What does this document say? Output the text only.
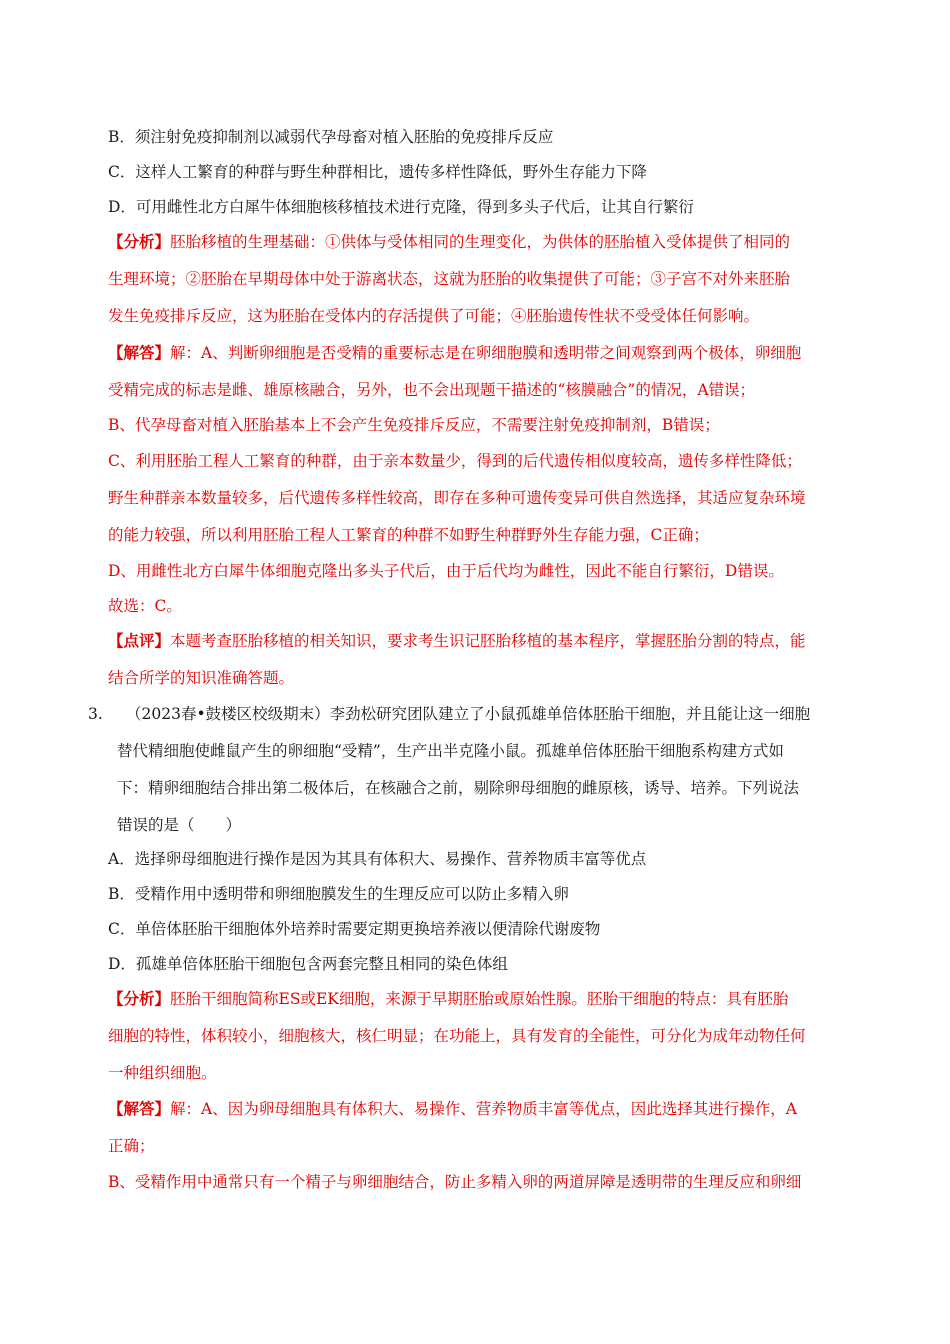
B．须注射免疫抑制剂以减弱代孕母畜对植入胚胎的免疫排斥反应
C．这样人工繁育的种群与野生种群相比，遗传多样性降低，野外生存能力下降
D．可用雌性北方白犀牛体细胞核移植技术进行克隆，得到多头子代后，让其自行繁衍
【分析】胚胎移植的生理基础：①供体与受体相同的生理变化，为供体的胚胎植入受体提供了相同的
生理环境；②胚胎在早期母体中处于游离状态，这就为胚胎的收集提供了可能；③子宫不对外来胚胎
发生免疫排斥反应，这为胚胎在受体内的存活提供了可能；④胚胎遗传性状不受受体任何影响。
【解答】解：A、判断卵细胞是否受精的重要标志是在卵细胞膜和透明带之间观察到两个极体，卵细胞
受精完成的标志是雌、雄原核融合，另外，也不会出现题干描述的“核膜融合”的情况，A错误；
B、代孕母畜对植入胚胎基本上不会产生免疫排斥反应，不需要注射免疫抑制剂，B错误；
C、利用胚胎工程人工繁育的种群，由于亲本数量少，得到的后代遗传相似度较高，遗传多样性降低；
野生种群亲本数量较多，后代遗传多样性较高，即存在多种可遗传变异可供自然选择，其适应复杂环境
的能力较强，所以利用胚胎工程人工繁育的种群不如野生种群野外生存能力强，C正确；
D、用雌性北方白犀牛体细胞克隆出多头子代后，由于后代均为雌性，因此不能自行繁衍，D错误。
故选：C。
【点评】本题考查胚胎移植的相关知识，要求考生识记胚胎移植的基本程序，掌握胚胎分割的特点，能
结合所学的知识准确答题。
3. （2023春•鼓楼区校级期末）李劲松研究团队建立了小鼠孤雄单倍体胚胎干细胞，并且能让这一细胞
替代精细胞使雌鼠产生的卵细胞“受精”，生产出半克隆小鼠。孤雄单倍体胚胎干细胞系构建方式如
下：精卵细胞结合排出第二极体后，在核融合之前，剔除卵母细胞的雌原核，诱导、培养。下列说法
错误的是（　　）
A．选择卵母细胞进行操作是因为其具有体积大、易操作、营养物质丰富等优点
B．受精作用中透明带和卵细胞膜发生的生理反应可以防止多精入卵
C．单倍体胚胎干细胞体外培养时需要定期更换培养液以便清除代谢废物
D．孤雄单倍体胚胎干细胞包含两套完整且相同的染色体组
【分析】胚胎干细胞简称ES或EK细胞，来源于早期胚胎或原始性腺。胚胎干细胞的特点：具有胚胎
细胞的特性，体积较小，细胞核大，核仁明显；在功能上，具有发育的全能性，可分化为成年动物任何
一种组织细胞。
【解答】解：A、因为卵母细胞具有体积大、易操作、营养物质丰富等优点，因此选择其进行操作，A
正确；
B、受精作用中通常只有一个精子与卵细胞结合，防止多精入卵的两道屏障是透明带的生理反应和卵细
